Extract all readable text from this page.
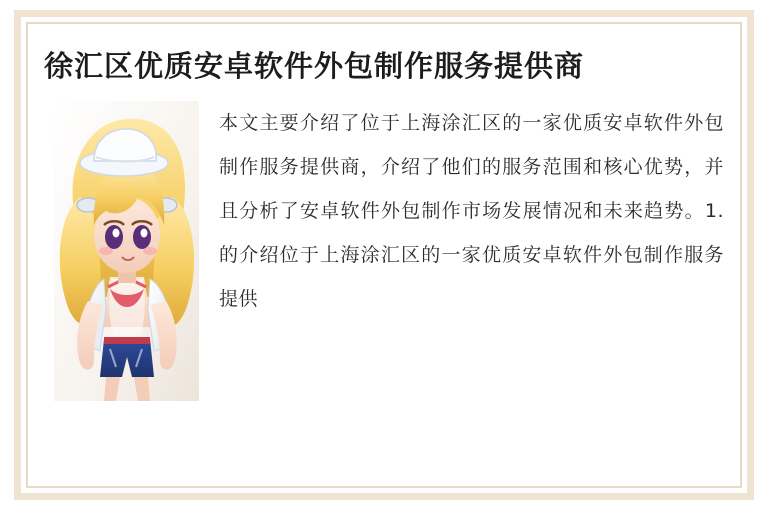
徐汇区优质安卓软件外包制作服务提供商
本文主要介绍了位于上海涂汇区的一家优质安卓软件外包制作服务提供商，介绍了他们的服务范围和核心优势，并且分析了安卓软件外包制作市场发展情况和未来趋势。1. 的介绍位于上海涂汇区的一家优质安卓软件外包制作服务提供
